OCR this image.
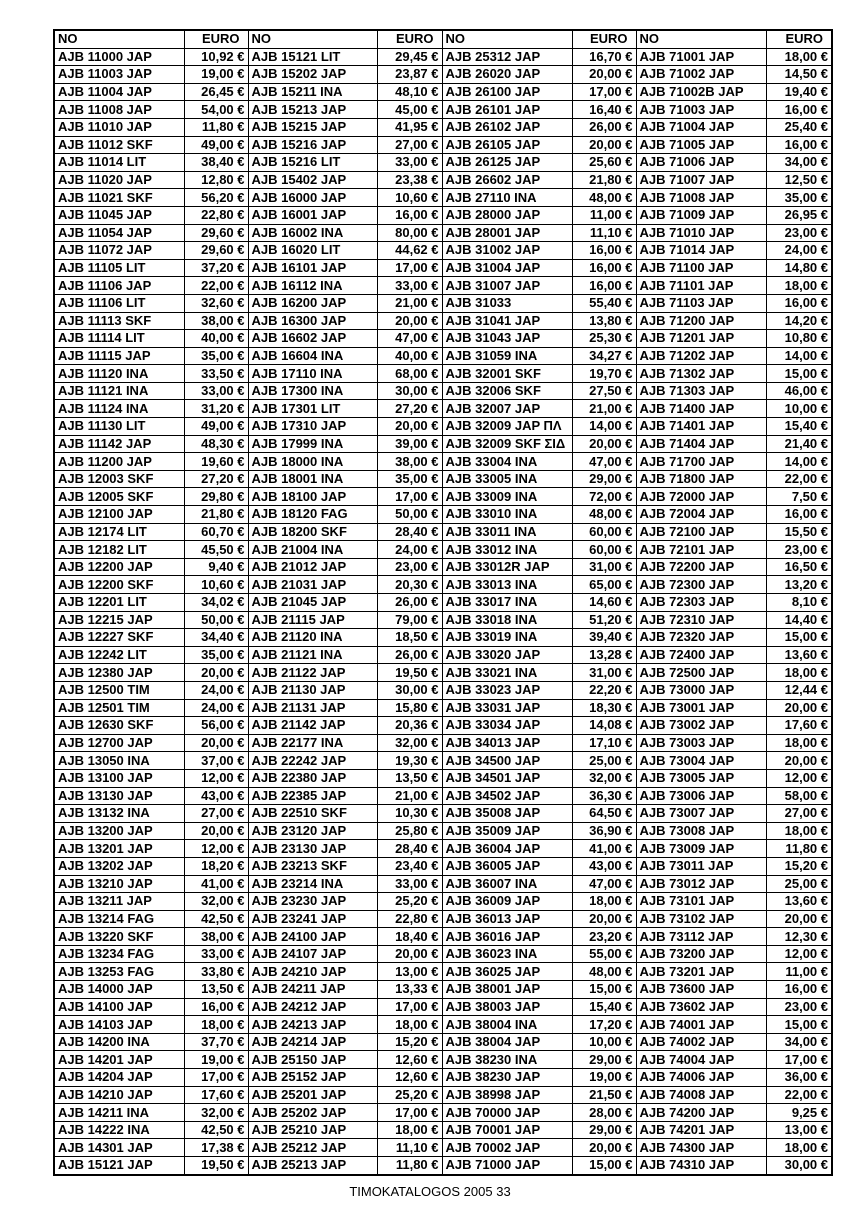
NO	EURO	NO	EURO	NO	EURO	NO	EURO
AJB 11000 JAP	10,92 €	AJB 15121 LIT	29,45 €	AJB 25312 JAP	16,70 €	AJB 71001 JAP	18,00 €
AJB 11003 JAP	19,00 €	AJB 15202 JAP	23,87 €	AJB 26020 JAP	20,00 €	AJB 71002 JAP	14,50 €
AJB 11004 JAP	26,45 €	AJB 15211 INA	48,10 €	AJB 26100 JAP	17,00 €	AJB 71002B JAP	19,40 €
AJB 11008 JAP	54,00 €	AJB 15213 JAP	45,00 €	AJB 26101 JAP	16,40 €	AJB 71003 JAP	16,00 €
AJB 11010 JAP	11,80 €	AJB 15215 JAP	41,95 €	AJB 26102 JAP	26,00 €	AJB 71004 JAP	25,40 €
AJB 11012 SKF	49,00 €	AJB 15216 JAP	27,00 €	AJB 26105 JAP	20,00 €	AJB 71005 JAP	16,00 €
AJB 11014 LIT	38,40 €	AJB 15216 LIT	33,00 €	AJB 26125 JAP	25,60 €	AJB 71006 JAP	34,00 €
AJB 11020 JAP	12,80 €	AJB 15402 JAP	23,38 €	AJB 26602 JAP	21,80 €	AJB 71007 JAP	12,50 €
AJB 11021 SKF	56,20 €	AJB 16000 JAP	10,60 €	AJB 27110 INA	48,00 €	AJB 71008 JAP	35,00 €
AJB 11045 JAP	22,80 €	AJB 16001 JAP	16,00 €	AJB 28000 JAP	11,00 €	AJB 71009 JAP	26,95 €
AJB 11054 JAP	29,60 €	AJB 16002 INA	80,00 €	AJB 28001 JAP	11,10 €	AJB 71010 JAP	23,00 €
AJB 11072 JAP	29,60 €	AJB 16020 LIT	44,62 €	AJB 31002 JAP	16,00 €	AJB 71014 JAP	24,00 €
AJB 11105 LIT	37,20 €	AJB 16101 JAP	17,00 €	AJB 31004 JAP	16,00 €	AJB 71100 JAP	14,80 €
AJB 11106 JAP	22,00 €	AJB 16112 INA	33,00 €	AJB 31007 JAP	16,00 €	AJB 71101 JAP	18,00 €
AJB 11106 LIT	32,60 €	AJB 16200 JAP	21,00 €	AJB 31033	55,40 €	AJB 71103 JAP	16,00 €
AJB 11113 SKF	38,00 €	AJB 16300 JAP	20,00 €	AJB 31041 JAP	13,80 €	AJB 71200 JAP	14,20 €
AJB 11114 LIT	40,00 €	AJB 16602 JAP	47,00 €	AJB 31043 JAP	25,30 €	AJB 71201 JAP	10,80 €
AJB 11115 JAP	35,00 €	AJB 16604 INA	40,00 €	AJB 31059 INA	34,27 €	AJB 71202 JAP	14,00 €
AJB 11120 INA	33,50 €	AJB 17110 INA	68,00 €	AJB 32001 SKF	19,70 €	AJB 71302 JAP	15,00 €
AJB 11121 INA	33,00 €	AJB 17300 INA	30,00 €	AJB 32006 SKF	27,50 €	AJB 71303 JAP	46,00 €
AJB 11124 INA	31,20 €	AJB 17301 LIT	27,20 €	AJB 32007 JAP	21,00 €	AJB 71400 JAP	10,00 €
AJB 11130 LIT	49,00 €	AJB 17310 JAP	20,00 €	AJB 32009 JAP ΠΛ	14,00 €	AJB 71401 JAP	15,40 €
AJB 11142 JAP	48,30 €	AJB 17999 INA	39,00 €	AJB 32009 SKF ΣΙΔ	20,00 €	AJB 71404 JAP	21,40 €
AJB 11200 JAP	19,60 €	AJB 18000 INA	38,00 €	AJB 33004 INA	47,00 €	AJB 71700 JAP	14,00 €
AJB 12003 SKF	27,20 €	AJB 18001 INA	35,00 €	AJB 33005 INA	29,00 €	AJB 71800 JAP	22,00 €
AJB 12005 SKF	29,80 €	AJB 18100 JAP	17,00 €	AJB 33009 INA	72,00 €	AJB 72000 JAP	7,50 €
AJB 12100 JAP	21,80 €	AJB 18120 FAG	50,00 €	AJB 33010 INA	48,00 €	AJB 72004 JAP	16,00 €
AJB 12174 LIT	60,70 €	AJB 18200 SKF	28,40 €	AJB 33011 INA	60,00 €	AJB 72100 JAP	15,50 €
AJB 12182 LIT	45,50 €	AJB 21004 INA	24,00 €	AJB 33012 INA	60,00 €	AJB 72101 JAP	23,00 €
AJB 12200 JAP	9,40 €	AJB 21012 JAP	23,00 €	AJB 33012R JAP	31,00 €	AJB 72200 JAP	16,50 €
AJB 12200 SKF	10,60 €	AJB 21031 JAP	20,30 €	AJB 33013 INA	65,00 €	AJB 72300 JAP	13,20 €
AJB 12201 LIT	34,02 €	AJB 21045 JAP	26,00 €	AJB 33017 INA	14,60 €	AJB 72303 JAP	8,10 €
AJB 12215 JAP	50,00 €	AJB 21115 JAP	79,00 €	AJB 33018 INA	51,20 €	AJB 72310 JAP	14,40 €
AJB 12227 SKF	34,40 €	AJB 21120 INA	18,50 €	AJB 33019 INA	39,40 €	AJB 72320 JAP	15,00 €
AJB 12242 LIT	35,00 €	AJB 21121 INA	26,00 €	AJB 33020 JAP	13,28 €	AJB 72400 JAP	13,60 €
AJB 12380 JAP	20,00 €	AJB 21122 JAP	19,50 €	AJB 33021 INA	31,00 €	AJB 72500 JAP	18,00 €
AJB 12500 TIM	24,00 €	AJB 21130 JAP	30,00 €	AJB 33023 JAP	22,20 €	AJB 73000 JAP	12,44 €
AJB 12501 TIM	24,00 €	AJB 21131 JAP	15,80 €	AJB 33031 JAP	18,30 €	AJB 73001 JAP	20,00 €
AJB 12630 SKF	56,00 €	AJB 21142 JAP	20,36 €	AJB 33034 JAP	14,08 €	AJB 73002 JAP	17,60 €
AJB 12700 JAP	20,00 €	AJB 22177 INA	32,00 €	AJB 34013 JAP	17,10 €	AJB 73003 JAP	18,00 €
AJB 13050 INA	37,00 €	AJB 22242 JAP	19,30 €	AJB 34500 JAP	25,00 €	AJB 73004 JAP	20,00 €
AJB 13100 JAP	12,00 €	AJB 22380 JAP	13,50 €	AJB 34501 JAP	32,00 €	AJB 73005 JAP	12,00 €
AJB 13130 JAP	43,00 €	AJB 22385 JAP	21,00 €	AJB 34502 JAP	36,30 €	AJB 73006 JAP	58,00 €
AJB 13132 INA	27,00 €	AJB 22510 SKF	10,30 €	AJB 35008 JAP	64,50 €	AJB 73007 JAP	27,00 €
AJB 13200 JAP	20,00 €	AJB 23120 JAP	25,80 €	AJB 35009 JAP	36,90 €	AJB 73008 JAP	18,00 €
AJB 13201 JAP	12,00 €	AJB 23130 JAP	28,40 €	AJB 36004 JAP	41,00 €	AJB 73009 JAP	11,80 €
AJB 13202 JAP	18,20 €	AJB 23213 SKF	23,40 €	AJB 36005 JAP	43,00 €	AJB 73011 JAP	15,20 €
AJB 13210 JAP	41,00 €	AJB 23214 INA	33,00 €	AJB 36007 INA	47,00 €	AJB 73012 JAP	25,00 €
AJB 13211 JAP	32,00 €	AJB 23230 JAP	25,20 €	AJB 36009 JAP	18,00 €	AJB 73101 JAP	13,60 €
AJB 13214 FAG	42,50 €	AJB 23241 JAP	22,80 €	AJB 36013 JAP	20,00 €	AJB 73102 JAP	20,00 €
AJB 13220 SKF	38,00 €	AJB 24100 JAP	18,40 €	AJB 36016 JAP	23,20 €	AJB 73112 JAP	12,30 €
AJB 13234 FAG	33,00 €	AJB 24107 JAP	20,00 €	AJB 36023 INA	55,00 €	AJB 73200 JAP	12,00 €
AJB 13253 FAG	33,80 €	AJB 24210 JAP	13,00 €	AJB 36025 JAP	48,00 €	AJB 73201 JAP	11,00 €
AJB 14000 JAP	13,50 €	AJB 24211 JAP	13,33 €	AJB 38001 JAP	15,00 €	AJB 73600 JAP	16,00 €
AJB 14100 JAP	16,00 €	AJB 24212 JAP	17,00 €	AJB 38003 JAP	15,40 €	AJB 73602 JAP	23,00 €
AJB 14103 JAP	18,00 €	AJB 24213 JAP	18,00 €	AJB 38004 INA	17,20 €	AJB 74001 JAP	15,00 €
AJB 14200 INA	37,70 €	AJB 24214 JAP	15,20 €	AJB 38004 JAP	10,00 €	AJB 74002 JAP	34,00 €
AJB 14201 JAP	19,00 €	AJB 25150 JAP	12,60 €	AJB 38230 INA	29,00 €	AJB 74004 JAP	17,00 €
AJB 14204 JAP	17,00 €	AJB 25152 JAP	12,60 €	AJB 38230 JAP	19,00 €	AJB 74006 JAP	36,00 €
AJB 14210 JAP	17,60 €	AJB 25201 JAP	25,20 €	AJB 38998 JAP	21,50 €	AJB 74008 JAP	22,00 €
AJB 14211 INA	32,00 €	AJB 25202 JAP	17,00 €	AJB 70000 JAP	28,00 €	AJB 74200 JAP	9,25 €
AJB 14222 INA	42,50 €	AJB 25210 JAP	18,00 €	AJB 70001 JAP	29,00 €	AJB 74201 JAP	13,00 €
AJB 14301 JAP	17,38 €	AJB 25212 JAP	11,10 €	AJB 70002 JAP	20,00 €	AJB 74300 JAP	18,00 €
AJB 15121 JAP	19,50 €	AJB 25213 JAP	11,80 €	AJB 71000 JAP	15,00 €	AJB 74310 JAP	30,00 €
TIMOKATALOGOS 2005 33
